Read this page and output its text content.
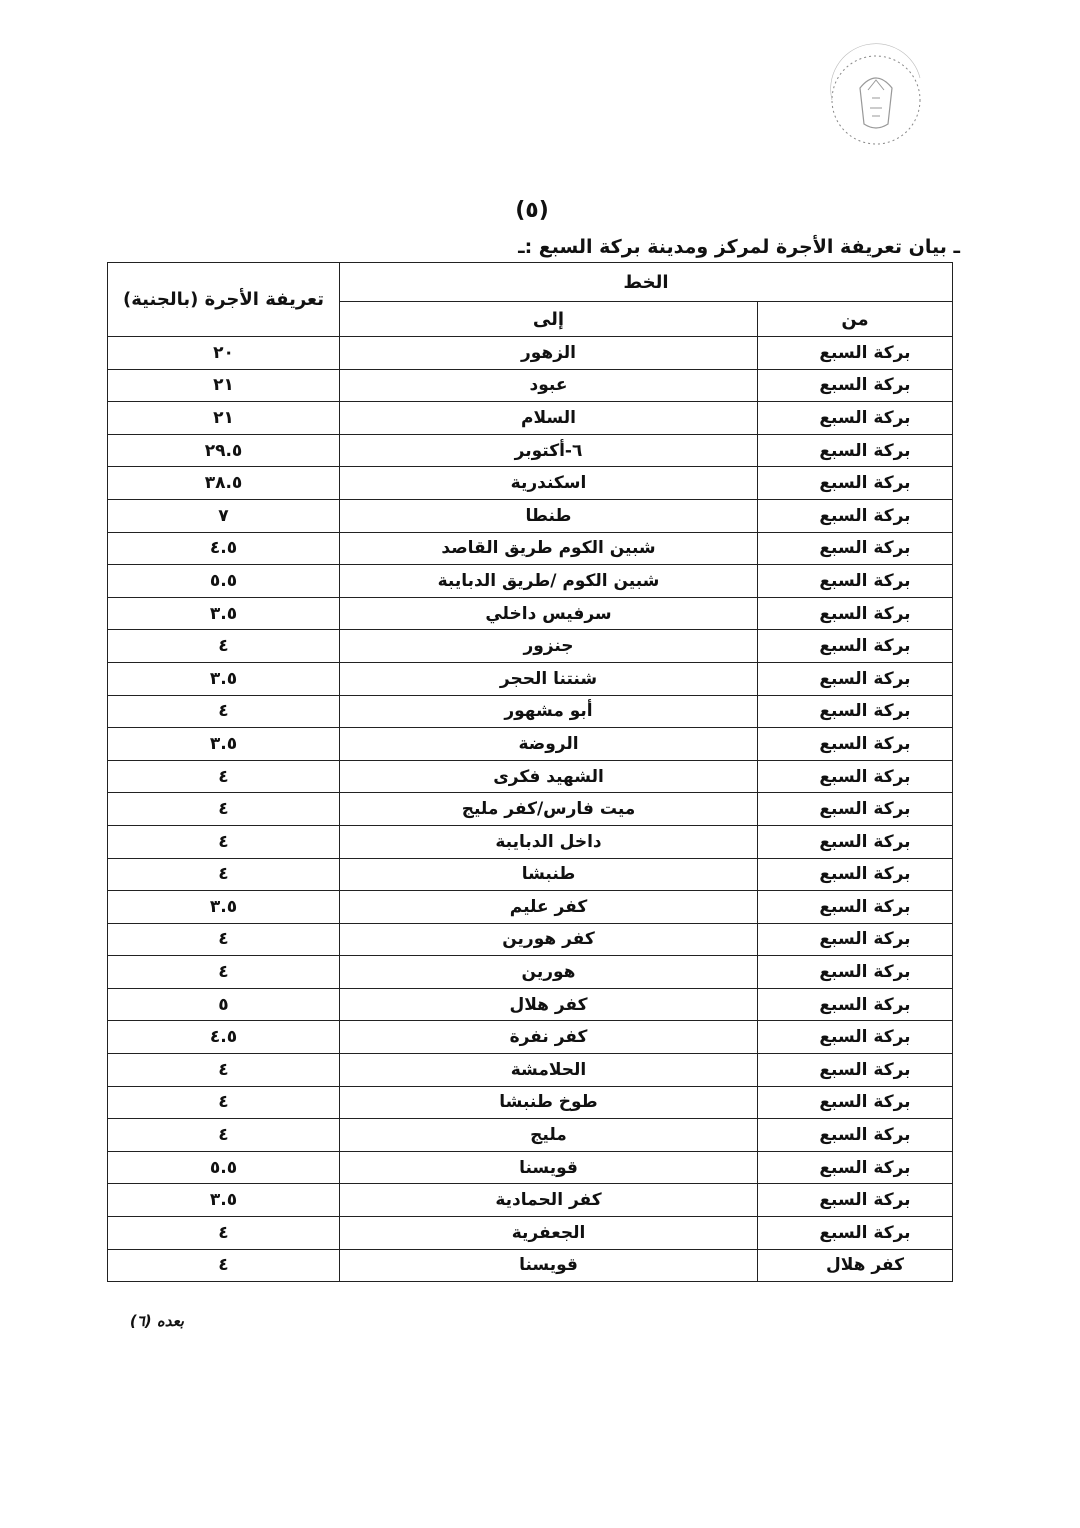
(٥)
ـ بيان تعريفة الأجرة لمركز ومدينة بركة السبع :ـ
الخط		تعريفة الأجرة (بالجنية)
من	إلى	
بركة السبع	الزهور	٢٠
بركة السبع	عبود	٢١
بركة السبع	السلام	٢١
بركة السبع	٦-أكتوبر	٢٩.٥
بركة السبع	اسكندرية	٣٨.٥
بركة السبع	طنطا	٧
بركة السبع	شبين الكوم طريق القاصد	٤.٥
بركة السبع	شبين الكوم /طريق الدبايبة	٥.٥
بركة السبع	سرفيس داخلي	٣.٥
بركة السبع	جنزور	٤
بركة السبع	شنتنا الحجر	٣.٥
بركة السبع	أبو مشهور	٤
بركة السبع	الروضة	٣.٥
بركة السبع	الشهيد فكرى	٤
بركة السبع	ميت فارس/كفر مليج	٤
بركة السبع	داخل الدبايبة	٤
بركة السبع	طنبشا	٤
بركة السبع	كفر عليم	٣.٥
بركة السبع	كفر هورين	٤
بركة السبع	هورين	٤
بركة السبع	كفر هلال	٥
بركة السبع	كفر نفرة	٤.٥
بركة السبع	الحلامشة	٤
بركة السبع	طوخ طنبشا	٤
بركة السبع	مليج	٤
بركة السبع	قويسنا	٥.٥
بركة السبع	كفر الحمادية	٣.٥
بركة السبع	الجعفرية	٤
كفر هلال	قويسنا	٤
بعده (٦)
